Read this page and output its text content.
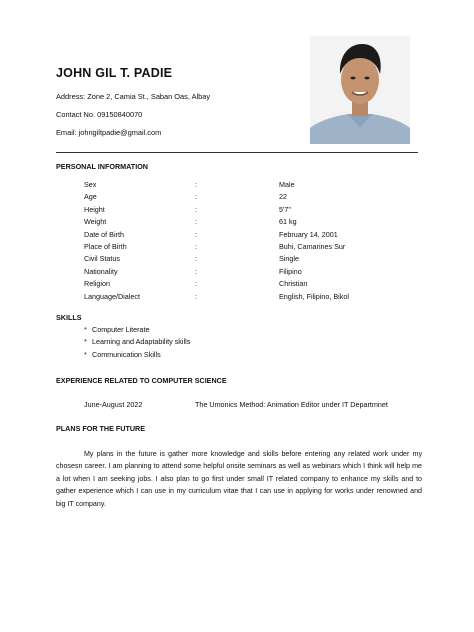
JOHN GIL T. PADIE
Address: Zone 2, Camia St., Saban Oas, Albay
Contact No. 09150840070
Email: johngiltpadie@gmail.com
PERSONAL INFORMATION
Sex	:	Male
Age	:	22
Height	:	5'7"
Weight	:	61 kg
Date of Birth	:	February 14, 2001
Place of Birth	:	Buhi, Camarines Sur
Civil Status	:	Single
Nationality	:	Filipino
Religion	:	Christian
Language/Dialect	:	English, Filipino, Bikol
SKILLS
* Computer Literate
* Learning and Adaptability skills
* Communication Skills
EXPERIENCE RELATED TO COMPUTER SCIENCE
June-August 2022	The Umonics Method: Animation Editor under IT Departmnet
PLANS FOR THE FUTURE
My plans in the future is gather more knowledge and skills before entering any related work under my chosesn career. I am planning to attend some helpful onsite seminars as well as webinars which I think will help me a lot when I am seeking jobs. I also plan to go first under small IT related company to enhance my skills and to gather experience which I can use in my curriculum vitae that I can use in applying for works under renowned and big IT company.
